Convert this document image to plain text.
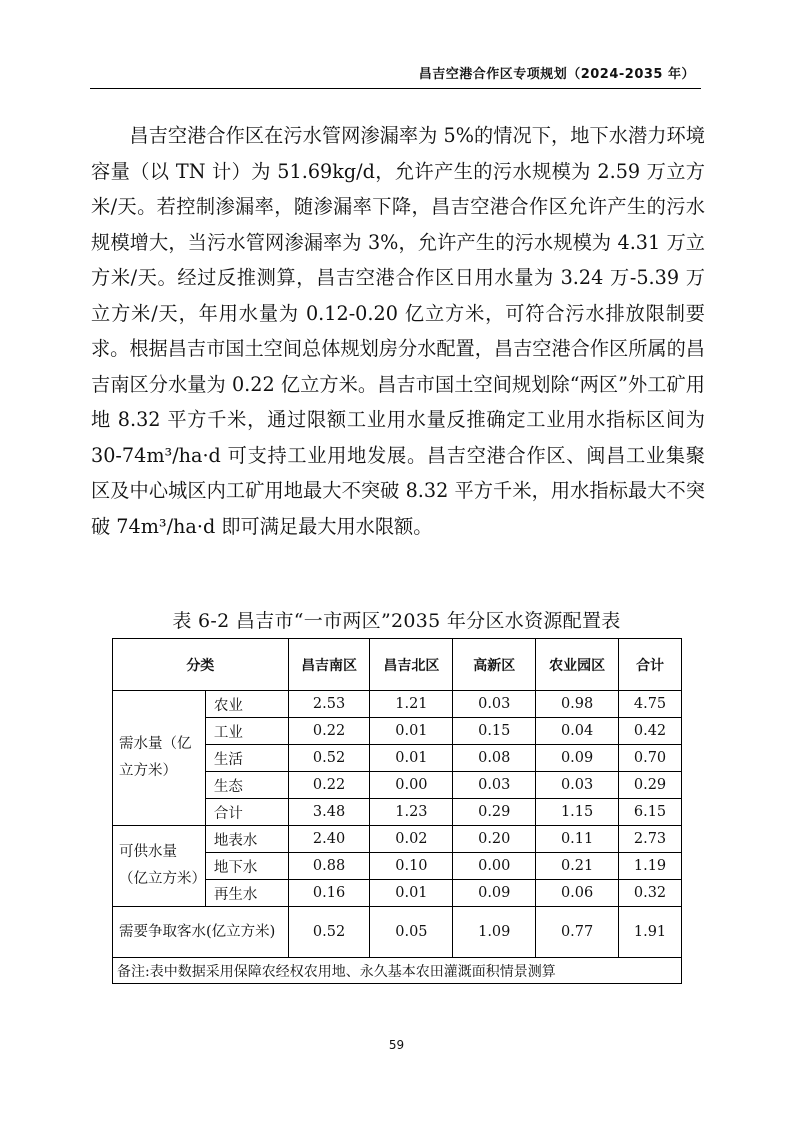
昌吉空港合作区专项规划（2024-2035 年）

昌吉空港合作区在污水管网渗漏率为 5%的情况下，地下水潜力环境容量（以 TN 计）为 51.69kg/d，允许产生的污水规模为 2.59 万立方米/天。若控制渗漏率，随渗漏率下降，昌吉空港合作区允许产生的污水规模增大，当污水管网渗漏率为 3%，允许产生的污水规模为 4.31 万立方米/天。经过反推测算，昌吉空港合作区日用水量为 3.24 万-5.39 万立方米/天，年用水量为 0.12-0.20 亿立方米，可符合污水排放限制要求。根据昌吉市国土空间总体规划房分水配置，昌吉空港合作区所属的昌吉南区分水量为 0.22 亿立方米。昌吉市国土空间规划除“两区”外工矿用地 8.32 平方千米，通过限额工业用水量反推确定工业用水指标区间为 30-74m³/ha·d 可支持工业用地发展。昌吉空港合作区、闽昌工业集聚区及中心城区内工矿用地最大不突破 8.32 平方千米，用水指标最大不突破 74m³/ha·d 即可满足最大用水限额。

表 6-2 昌吉市“一市两区”2035 年分区水资源配置表
分类		昌吉南区	昌吉北区	高新区	农业园区	合计
需水量（亿立方米）	农业	2.53	1.21	0.03	0.98	4.75
	工业	0.22	0.01	0.15	0.04	0.42
	生活	0.52	0.01	0.08	0.09	0.70
	生态	0.22	0.00	0.03	0.03	0.29
	合计	3.48	1.23	0.29	1.15	6.15
可供水量（亿立方米）	地表水	2.40	0.02	0.20	0.11	2.73
	地下水	0.88	0.10	0.00	0.21	1.19
	再生水	0.16	0.01	0.09	0.06	0.32
需要争取客水(亿立方米)		0.52	0.05	1.09	0.77	1.91
备注:表中数据采用保障农经权农用地、永久基本农田灌溉面积情景测算						
59
